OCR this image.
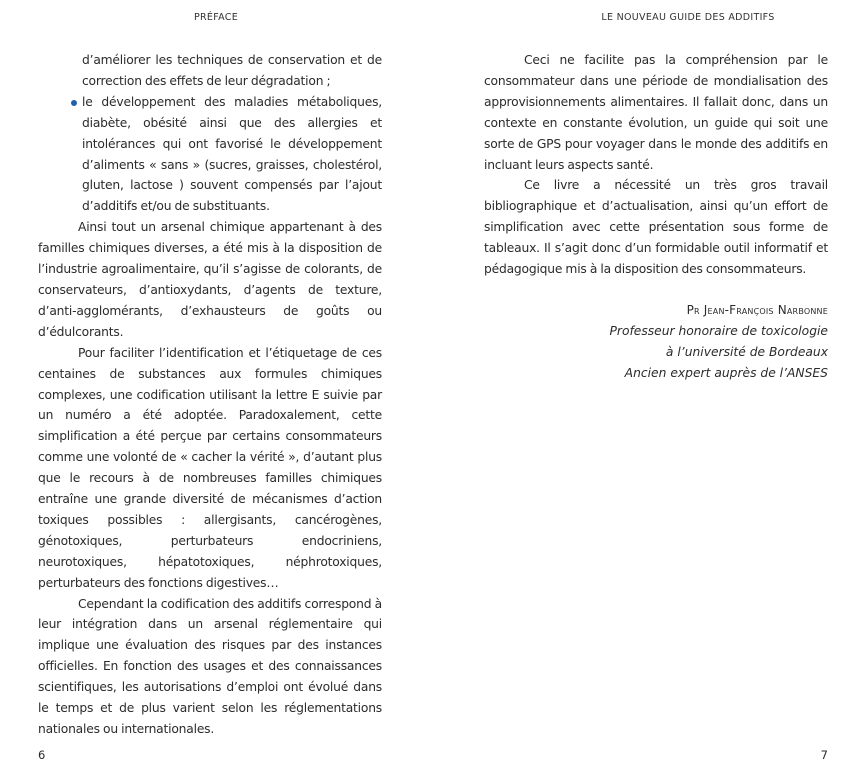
PRÉFACE

d’améliorer les techniques de conservation et de correction des effets de leur dégradation ;

le développement des maladies métaboliques, diabète, obésité ainsi que des allergies et intolérances qui ont favorisé le développement d’aliments « sans » (sucres, graisses, cholestérol, gluten, lactose ) souvent compensés par l’ajout d’additifs et/ou de substituants.

Ainsi tout un arsenal chimique appartenant à des familles chimiques diverses, a été mis à la disposition de l’industrie agroalimentaire, qu’il s’agisse de colorants, de conservateurs, d’antioxydants, d’agents de texture, d’anti-agglomérants, d’exhausteurs de goûts ou d’édulcorants.

Pour faciliter l’identification et l’étiquetage de ces centaines de substances aux formules chimiques complexes, une codification utilisant la lettre E suivie par un numéro a été adoptée. Paradoxalement, cette simplification a été perçue par certains consommateurs comme une volonté de « cacher la vérité », d’autant plus que le recours à de nombreuses familles chimiques entraîne une grande diversité de mécanismes d’action toxiques possibles : allergisants, cancérogènes, génotoxiques, perturbateurs endocriniens, neurotoxiques, hépatotoxiques, néphrotoxiques, perturbateurs des fonctions digestives…

Cependant la codification des additifs correspond à leur intégration dans un arsenal réglementaire qui implique une évaluation des risques par des instances officielles. En fonction des usages et des connaissances scientifiques, les autorisations d’emploi ont évolué dans le temps et de plus varient selon les réglementations nationales ou internationales.

6
LE NOUVEAU GUIDE DES ADDITIFS

Ceci ne facilite pas la compréhension par le consommateur dans une période de mondialisation des approvisionnements alimentaires. Il fallait donc, dans un contexte en constante évolution, un guide qui soit une sorte de GPS pour voyager dans le monde des additifs en incluant leurs aspects santé.

Ce livre a nécessité un très gros travail bibliographique et d’actualisation, ainsi qu’un effort de simplification avec cette présentation sous forme de tableaux. Il s’agit donc d’un formidable outil informatif et pédagogique mis à la disposition des consommateurs.

Pr Jean-François Narbonne
Professeur honoraire de toxicologie
à l’université de Bordeaux
Ancien expert auprès de l’ANSES
7
